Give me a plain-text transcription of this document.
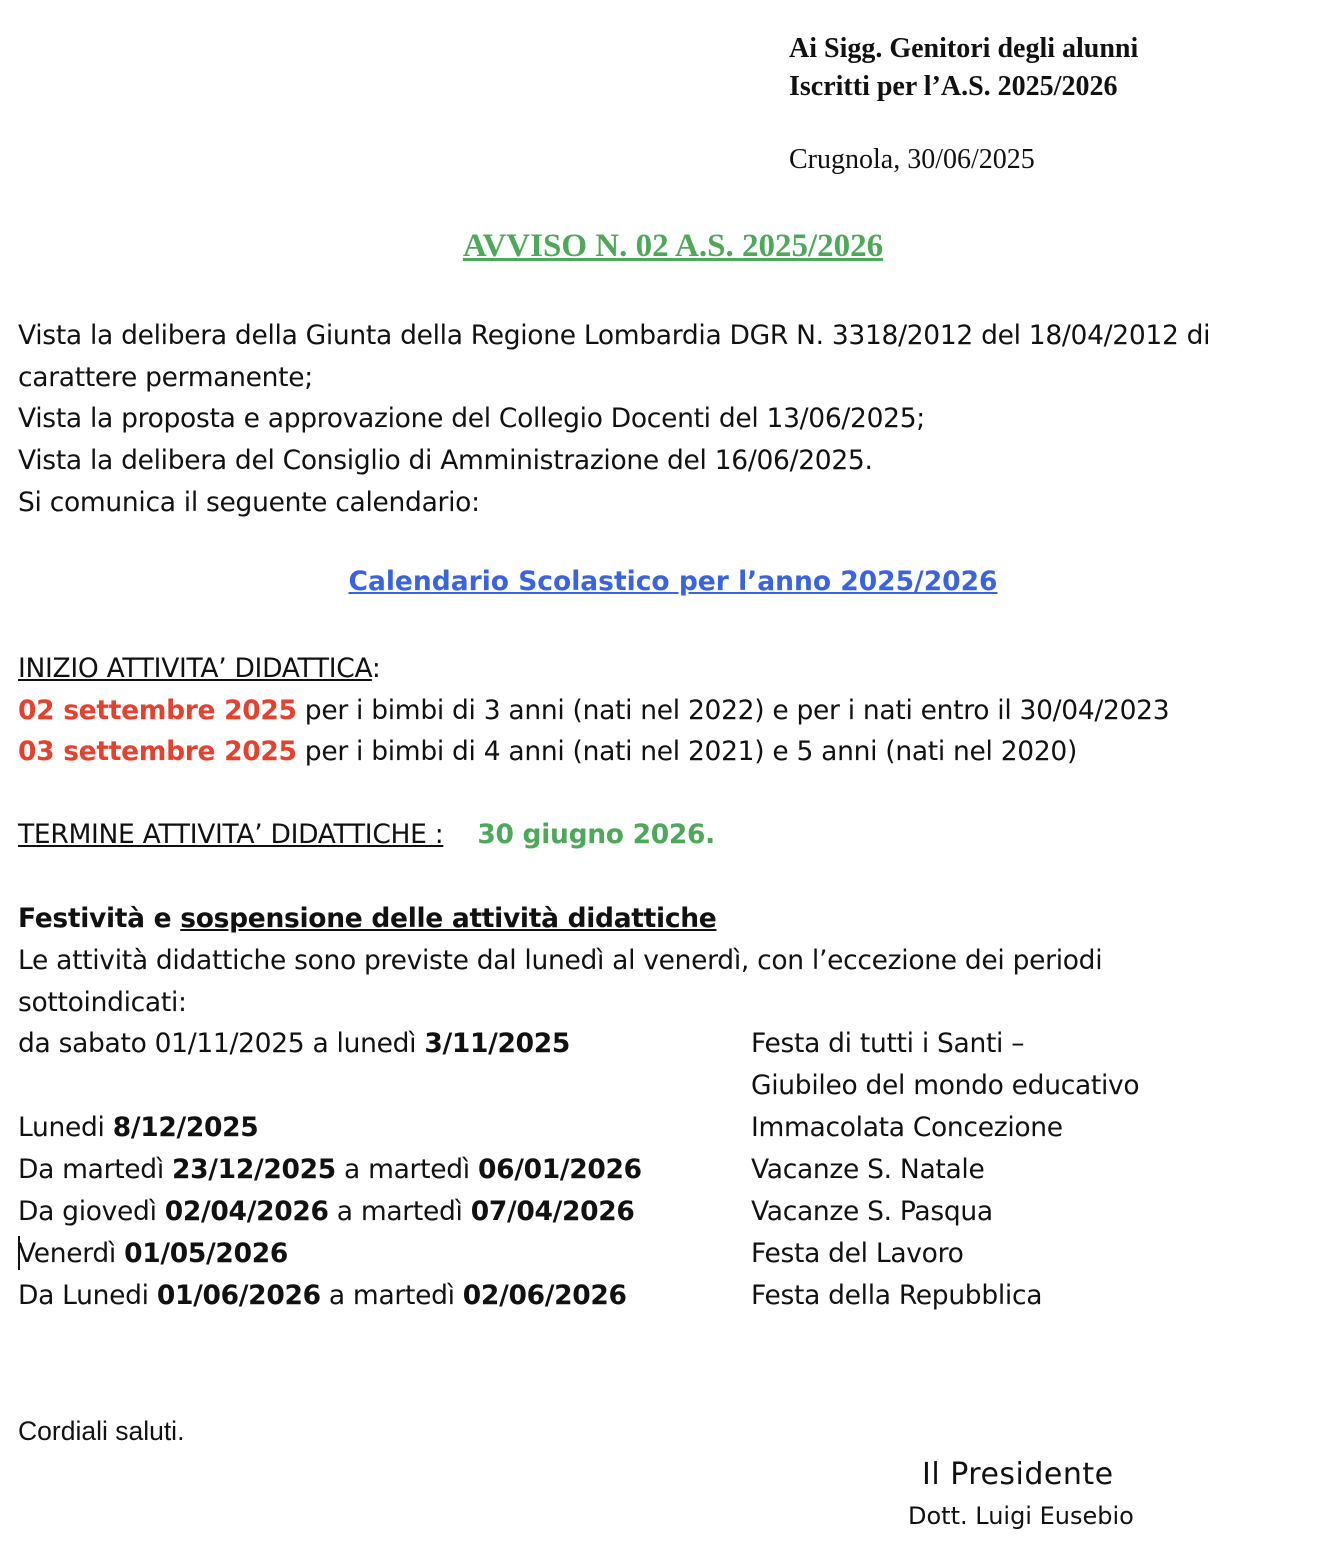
Ai Sigg. Genitori degli alunni
Iscritti per l’A.S. 2025/2026
Crugnola, 30/06/2025
AVVISO N. 02 A.S. 2025/2026
Vista la delibera della Giunta della Regione Lombardia DGR N. 3318/2012 del 18/04/2012 di
carattere permanente;
Vista la proposta e approvazione del Collegio Docenti del 13/06/2025;
Vista la delibera del Consiglio di Amministrazione del 16/06/2025.
Si comunica il seguente calendario:
Calendario Scolastico per l’anno 2025/2026
INIZIO ATTIVITA’ DIDATTICA:
02 settembre 2025 per i bimbi di 3 anni (nati nel 2022) e per i nati entro il 30/04/2023
03 settembre 2025 per i bimbi di 4 anni (nati nel 2021) e 5 anni (nati nel 2020)
TERMINE ATTIVITA’ DIDATTICHE : 30 giugno 2026.
Festività e sospensione delle attività didattiche
Le attività didattiche sono previste dal lunedì al venerdì, con l’eccezione dei periodi
sottoindicati:
da sabato 01/11/2025 a lunedì 3/11/2025	Festa di tutti i Santi –
Giubileo del mondo educativo
Lunedi 8/12/2025	Immacolata Concezione
Da martedì 23/12/2025 a martedì 06/01/2026	Vacanze S. Natale
Da giovedì 02/04/2026 a martedì 07/04/2026	Vacanze S. Pasqua
Venerdì 01/05/2026	Festa del Lavoro
Da Lunedi 01/06/2026 a martedì 02/06/2026	Festa della Repubblica
Cordiali saluti.
Il Presidente
Dott. Luigi Eusebio
